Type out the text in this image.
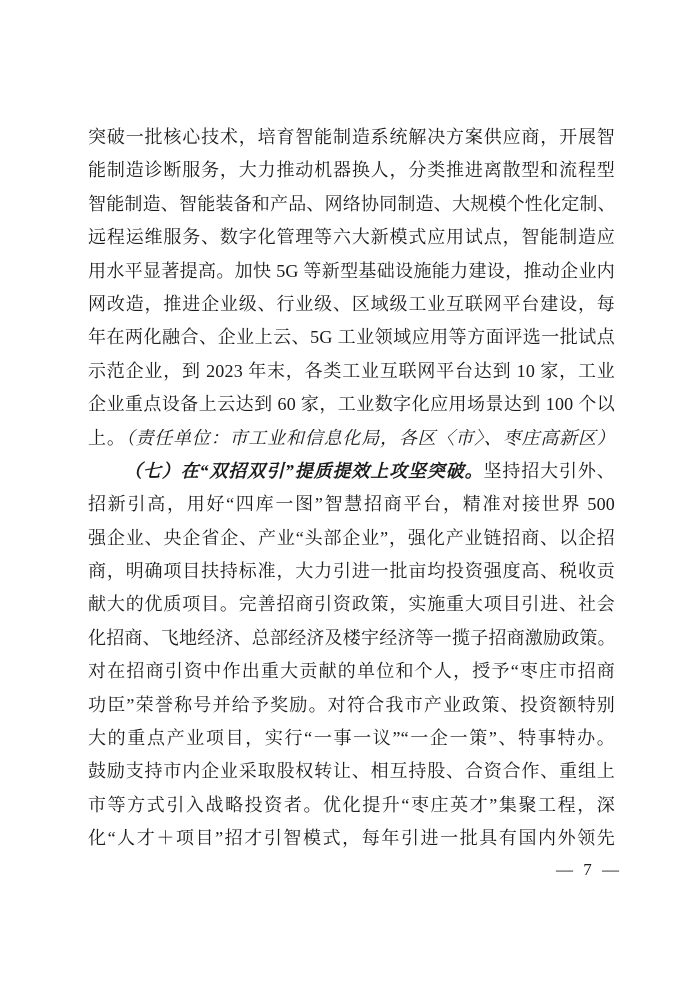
突破一批核心技术，培育智能制造系统解决方案供应商，开展智
能制造诊断服务，大力推动机器换人，分类推进离散型和流程型
智能制造、智能装备和产品、网络协同制造、大规模个性化定制、
远程运维服务、数字化管理等六大新模式应用试点，智能制造应
用水平显著提高。加快 5G 等新型基础设施能力建设，推动企业内
网改造，推进企业级、行业级、区域级工业互联网平台建设，每
年在两化融合、企业上云、5G 工业领域应用等方面评选一批试点
示范企业，到 2023 年末，各类工业互联网平台达到 10 家，工业
企业重点设备上云达到 60 家，工业数字化应用场景达到 100 个以
上。（责任单位：市工业和信息化局，各区〈市〉、枣庄高新区）
（七）在“双招双引”提质提效上攻坚突破。坚持招大引外、
招新引高，用好“四库一图”智慧招商平台，精准对接世界 500
强企业、央企省企、产业“头部企业”，强化产业链招商、以企招
商，明确项目扶持标准，大力引进一批亩均投资强度高、税收贡
献大的优质项目。完善招商引资政策，实施重大项目引进、社会
化招商、飞地经济、总部经济及楼宇经济等一揽子招商激励政策。
对在招商引资中作出重大贡献的单位和个人，授予“枣庄市招商
功臣”荣誉称号并给予奖励。对符合我市产业政策、投资额特别
大的重点产业项目，实行“一事一议”“一企一策”、特事特办。
鼓励支持市内企业采取股权转让、相互持股、合资合作、重组上
市等方式引入战略投资者。优化提升“枣庄英才”集聚工程，深
化“人才＋项目”招才引智模式，每年引进一批具有国内外领先
— 7 —
